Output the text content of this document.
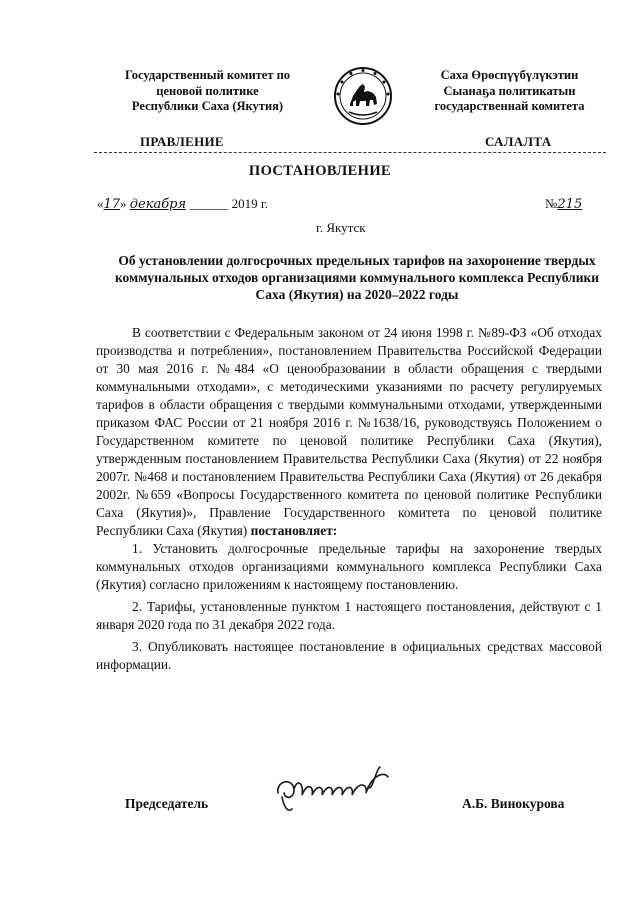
Государственный комитет по
ценовой политике
Республики Саха (Якутия)
Саха Өрөспүүбүлүкэтин
Сыанаҕа политикатын
государственнай комитета
ПРАВЛЕНИЕ	САЛАЛТА
ПОСТАНОВЛЕНИЕ
«17» декабря ______ 2019 г.	№215
г. Якутск
Об установлении долгосрочных предельных тарифов на захоронение твердых коммунальных отходов организациями коммунального комплекса Республики Саха (Якутия) на 2020–2022 годы

В соответствии с Федеральным законом от 24 июня 1998 г. №89-ФЗ «Об отходах производства и потребления», постановлением Правительства Российской Федерации от 30 мая 2016 г. №484 «О ценообразовании в области обращения с твердыми коммунальными отходами», с методическими указаниями по расчету регулируемых тарифов в области обращения с твердыми коммунальными отходами, утвержденными приказом ФАС России от 21 ноября 2016 г. №1638/16, руководствуясь Положением о Государственном комитете по ценовой политике Республики Саха (Якутия), утвержденным постановлением Правительства Республики Саха (Якутия) от 22 ноября 2007г. №468 и постановлением Правительства Республики Саха (Якутия) от 26 декабря 2002г. №659 «Вопросы Государственного комитета по ценовой политике Республики Саха (Якутия)», Правление Государственного комитета по ценовой политике Республики Саха (Якутия) постановляет:

1. Установить долгосрочные предельные тарифы на захоронение твердых коммунальных отходов организациями коммунального комплекса Республики Саха (Якутия) согласно приложениям к настоящему постановлению.

2. Тарифы, установленные пунктом 1 настоящего постановления, действуют с 1 января 2020 года по 31 декабря 2022 года.

3. Опубликовать настоящее постановление в официальных средствах массовой информации.

Председатель	А.Б. Винокурова
